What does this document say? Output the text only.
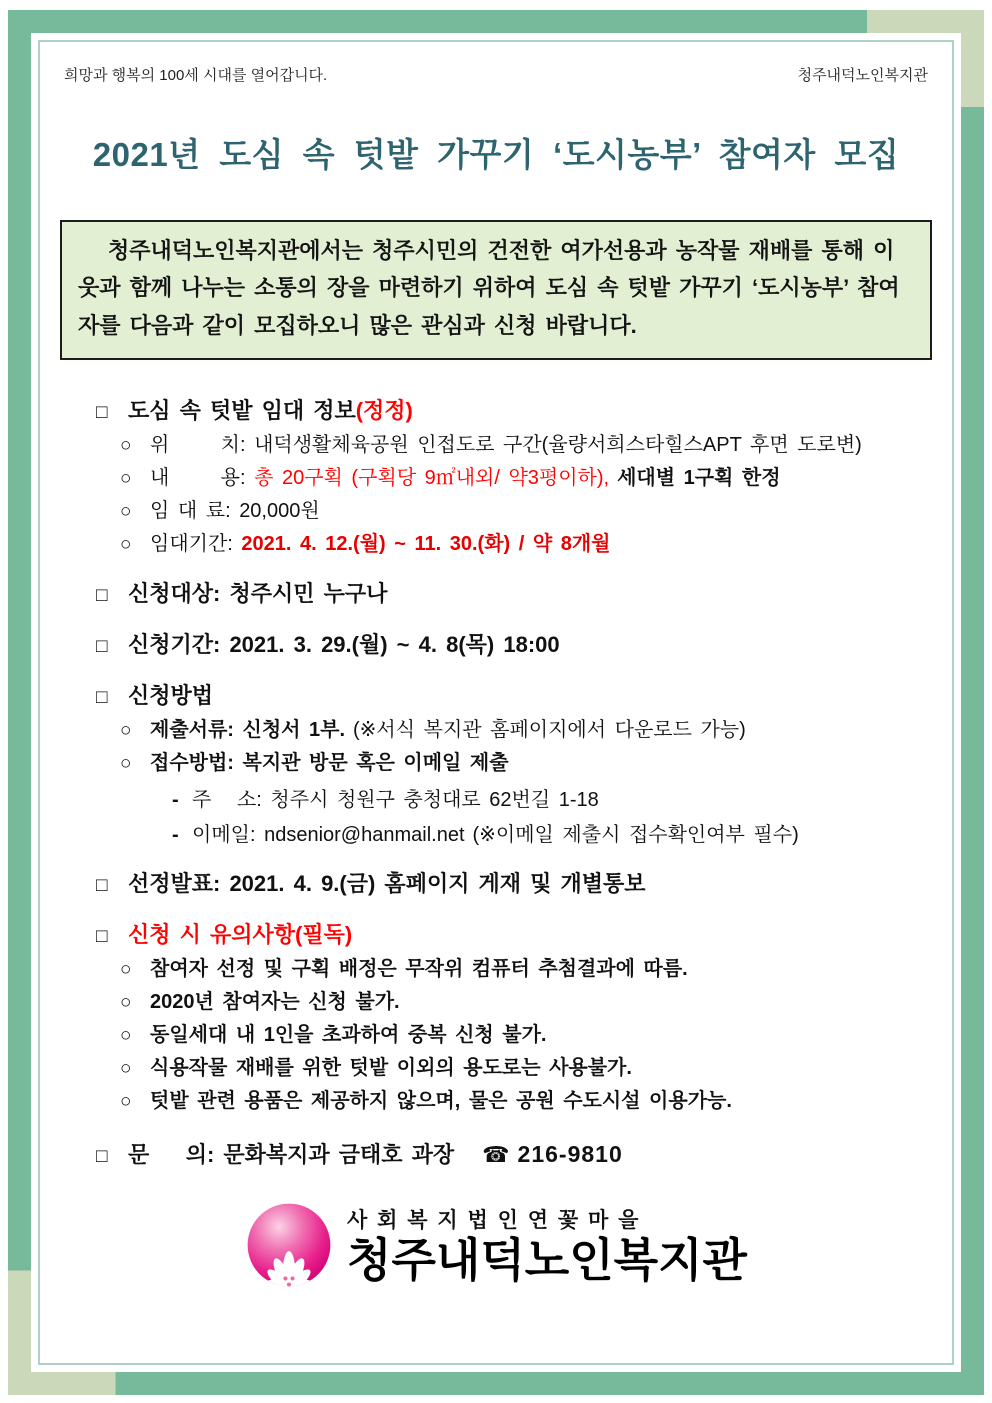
희망과 행복의 100세 시대를 열어갑니다.	청주내덕노인복지관
2021년 도심 속 텃밭 가꾸기 ‘도시농부’ 참여자 모집
청주내덕노인복지관에서는 청주시민의 건전한 여가선용과 농작물 재배를 통해 이웃과 함께 나누는 소통의 장을 마련하기 위하여 도심 속 텃밭 가꾸기 ‘도시농부’ 참여자를 다음과 같이 모집하오니 많은 관심과 신청 바랍니다.
□ 도심 속 텃밭 임대 정보(정정)
○ 위      치: 내덕생활체육공원 인접도로 구간(율량서희스타힐스APT 후면 도로변)
○ 내      용: 총 20구획 (구획당 9㎡내외/ 약3평이하), 세대별 1구획 한정
○ 임 대 료: 20,000원
○ 임대기간: 2021. 4. 12.(월) ~ 11. 30.(화) / 약 8개월
□ 신청대상: 청주시민 누구나
□ 신청기간: 2021. 3. 29.(월) ~ 4. 8(목) 18:00
□ 신청방법
○ 제출서류: 신청서 1부. (※서식 복지관 홈페이지에서 다운로드 가능)
○ 접수방법: 복지관 방문 혹은 이메일 제출
- 주   소: 청주시 청원구 충청대로 62번길 1-18
- 이메일: ndsenior@hanmail.net (※이메일 제출시 접수확인여부 필수)
□ 선정발표: 2021. 4. 9.(금) 홈페이지 게재 및 개별통보
□ 신청 시 유의사항(필독)
○ 참여자 선정 및 구획 배정은 무작위 컴퓨터 추첨결과에 따름.
○ 2020년 참여자는 신청 불가.
○ 동일세대 내 1인을 초과하여 중복 신청 불가.
○ 식용작물 재배를 위한 텃밭 이외의 용도로는 사용불가.
○ 텃밭 관련 용품은 제공하지 않으며, 물은 공원 수도시설 이용가능.
□ 문    의: 문화복지과 금태호 과장 ☎ 216-9810
사 회 복 지 법 인 연 꽃 마 을
청주내덕노인복지관
